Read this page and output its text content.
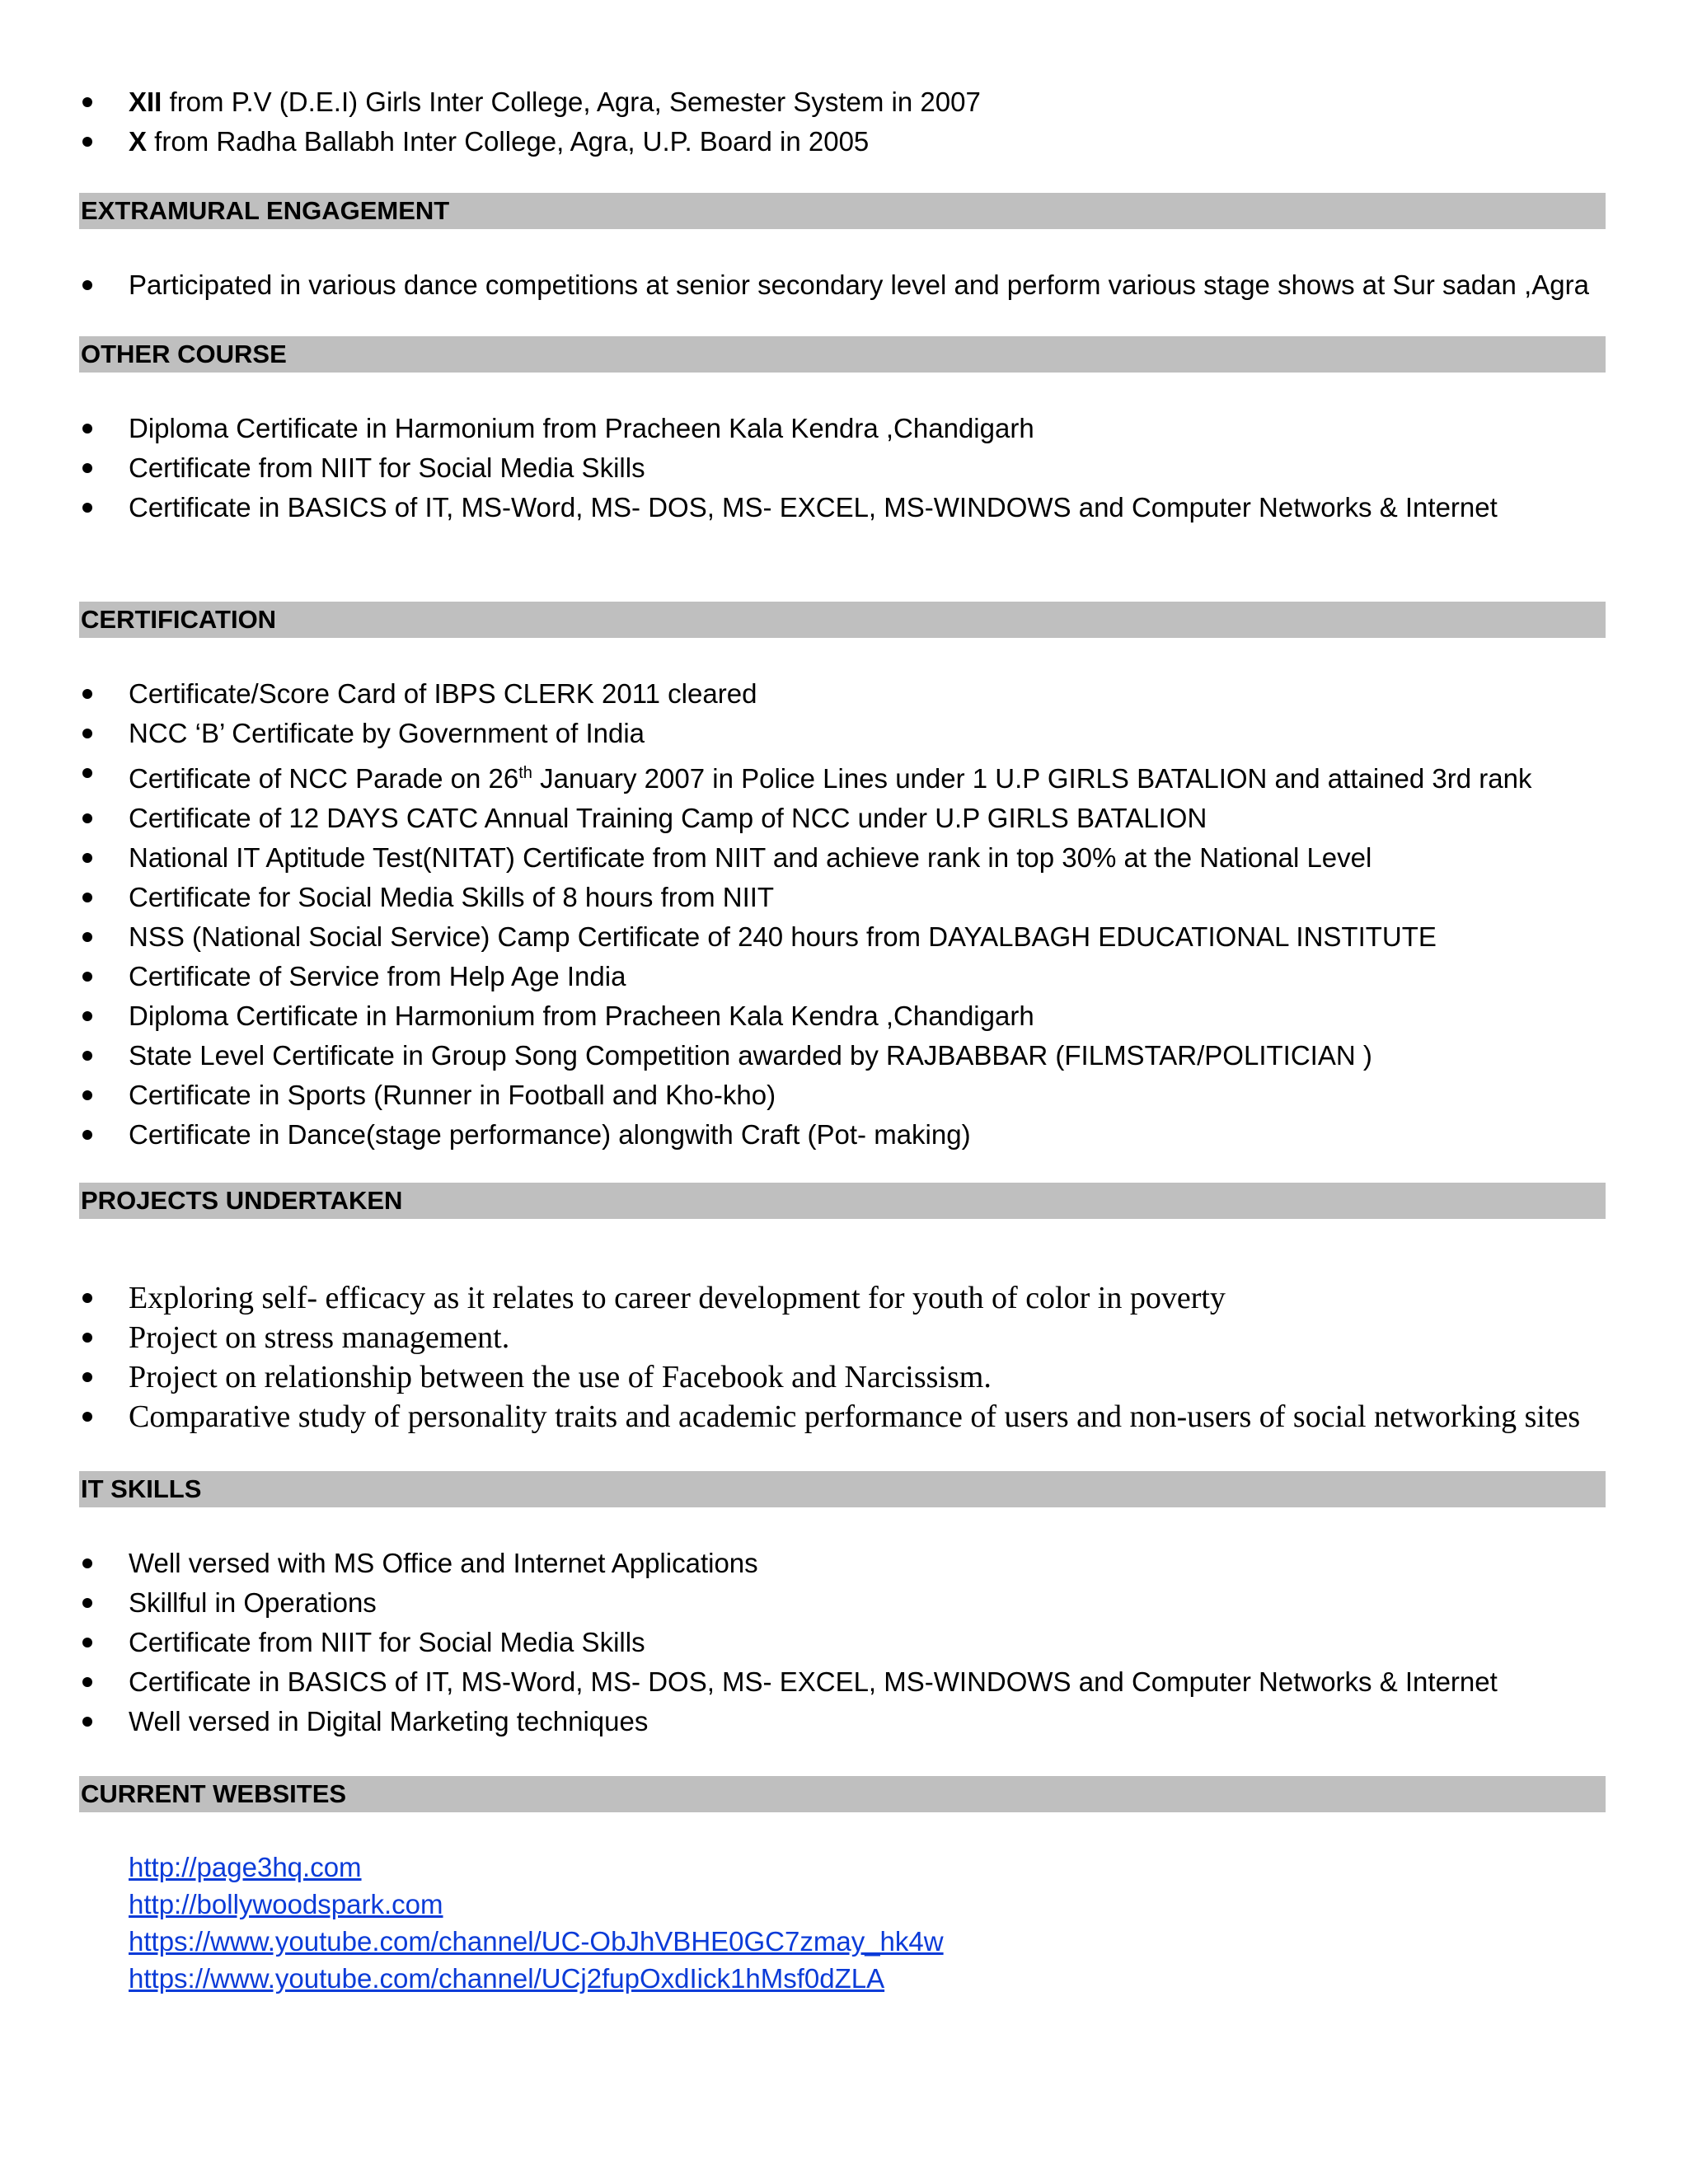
XII from P.V (D.E.I) Girls Inter College, Agra, Semester System in 2007
X from Radha Ballabh Inter College, Agra, U.P. Board in 2005
EXTRAMURAL ENGAGEMENT
Participated in various dance competitions at senior secondary level and perform various stage shows at Sur sadan ,Agra
OTHER COURSE
Diploma Certificate in Harmonium from Pracheen Kala Kendra ,Chandigarh
Certificate from NIIT for Social Media Skills
Certificate in BASICS of IT, MS-Word, MS- DOS, MS- EXCEL, MS-WINDOWS and Computer Networks & Internet
CERTIFICATION
Certificate/Score Card of IBPS CLERK 2011 cleared
NCC ‘B’ Certificate by Government of India
Certificate of NCC Parade on 26th January 2007 in Police Lines under 1 U.P GIRLS BATALION and attained 3rd rank
Certificate of 12 DAYS CATC Annual Training Camp of NCC under U.P GIRLS BATALION
National IT Aptitude Test(NITAT) Certificate from NIIT and achieve rank in top 30% at the National Level
Certificate for Social Media Skills of 8 hours from NIIT
NSS (National Social Service) Camp Certificate of 240 hours from DAYALBAGH EDUCATIONAL INSTITUTE
Certificate of Service from Help Age India
Diploma Certificate in Harmonium from Pracheen Kala Kendra ,Chandigarh
State Level Certificate in Group Song Competition awarded by RAJBABBAR (FILMSTAR/POLITICIAN )
Certificate in Sports (Runner in Football and Kho-kho)
Certificate in Dance(stage performance) alongwith Craft (Pot- making)
PROJECTS UNDERTAKEN
Exploring self- efficacy as it relates to career development for youth of color in poverty
Project on stress management.
Project on relationship between the use of Facebook and Narcissism.
Comparative study of personality traits and academic performance of users and non-users of social networking sites
IT SKILLS
Well versed with MS Office and Internet Applications
Skillful in Operations
Certificate from NIIT for Social Media Skills
Certificate in BASICS of IT, MS-Word, MS- DOS, MS- EXCEL, MS-WINDOWS and Computer Networks & Internet
Well versed in Digital Marketing techniques
CURRENT WEBSITES
http://page3hq.com
http://bollywoodspark.com
https://www.youtube.com/channel/UC-ObJhVBHE0GC7zmay_hk4w
https://www.youtube.com/channel/UCj2fupOxdIick1hMsf0dZLA
